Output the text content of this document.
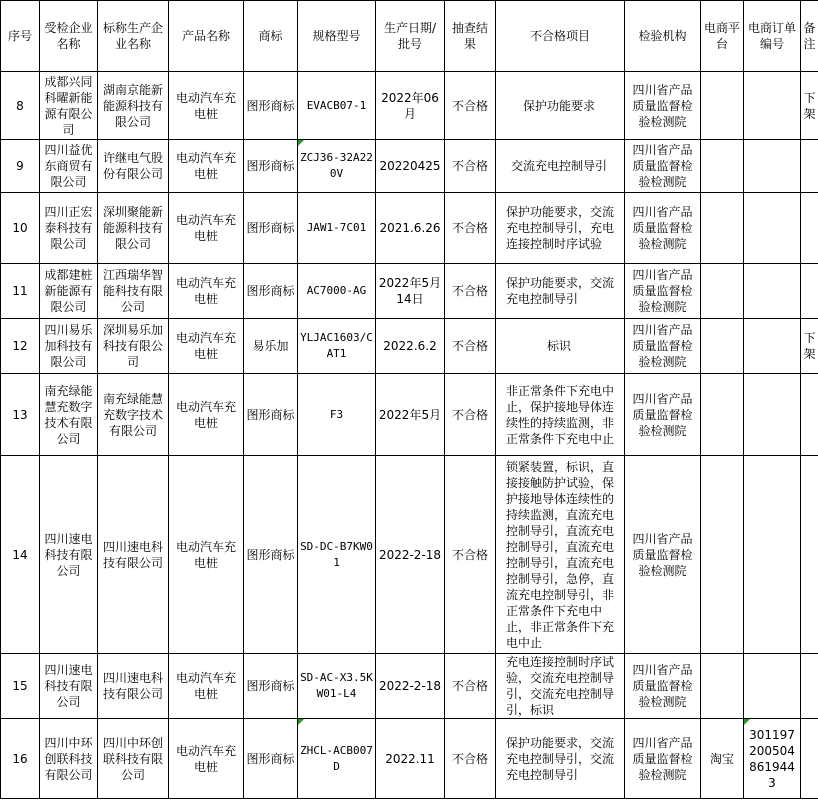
序号	受检企业名称	标称生产企业名称	产品名称	商标	规格型号	生产日期/批号	抽查结果	不合格项目	检验机构	电商平台	电商订单编号	备注
8	成都兴同科曜新能源有限公司	湖南京能新能源科技有限公司	电动汽车充电桩	图形商标	EVACB07-1	2022年06月	不合格	保护功能要求	四川省产品质量监督检验检测院			下架
9	四川益优东商贸有限公司	许继电气股份有限公司	电动汽车充电桩	图形商标	ZCJ36-32A220V	20220425	不合格	交流充电控制导引	四川省产品质量监督检验检测院			
10	四川正宏泰科技有限公司	深圳聚能新能源科技有限公司	电动汽车充电桩	图形商标	JAW1-7C01	2021.6.26	不合格	保护功能要求，交流充电控制导引，充电连接控制时序试验	四川省产品质量监督检验检测院			
11	成都建桩新能源有限公司	江西瑞华智能科技有限公司	电动汽车充电桩	图形商标	AC7000-AG	2022年5月14日	不合格	保护功能要求，交流充电控制导引	四川省产品质量监督检验检测院			
12	四川易乐加科技有限公司	深圳易乐加科技有限公司	电动汽车充电桩	易乐加	YLJAC1603/CAT1	2022.6.2	不合格	标识	四川省产品质量监督检验检测院			下架
13	南充绿能慧充数字技术有限公司	南充绿能慧充数字技术有限公司	电动汽车充电桩	图形商标	F3	2022年5月	不合格	非正常条件下充电中止，保护接地导体连续性的持续监测，非正常条件下充电中止	四川省产品质量监督检验检测院			
14	四川速电科技有限公司	四川速电科技有限公司	电动汽车充电桩	图形商标	SD-DC-B7KW01	2022-2-18	不合格	锁紧装置，标识，直接接触防护试验，保护接地导体连续性的持续监测，直流充电控制导引，直流充电控制导引，直流充电控制导引，直流充电控制导引，急停，直流充电控制导引，非正常条件下充电中止，非正常条件下充电中止	四川省产品质量监督检验检测院			
15	四川速电科技有限公司	四川速电科技有限公司	电动汽车充电桩	图形商标	SD-AC-X3.5KW01-L4	2022-2-18	不合格	充电连接控制时序试验，交流充电控制导引，交流充电控制导引，标识	四川省产品质量监督检验检测院			
16	四川中环创联科技有限公司	四川中环创联科技有限公司	电动汽车充电桩	图形商标	ZHCL-ACB007D	2022.11	不合格	保护功能要求，交流充电控制导引，交流充电控制导引	四川省产品质量监督检验检测院	淘宝	3011972005048619443	
